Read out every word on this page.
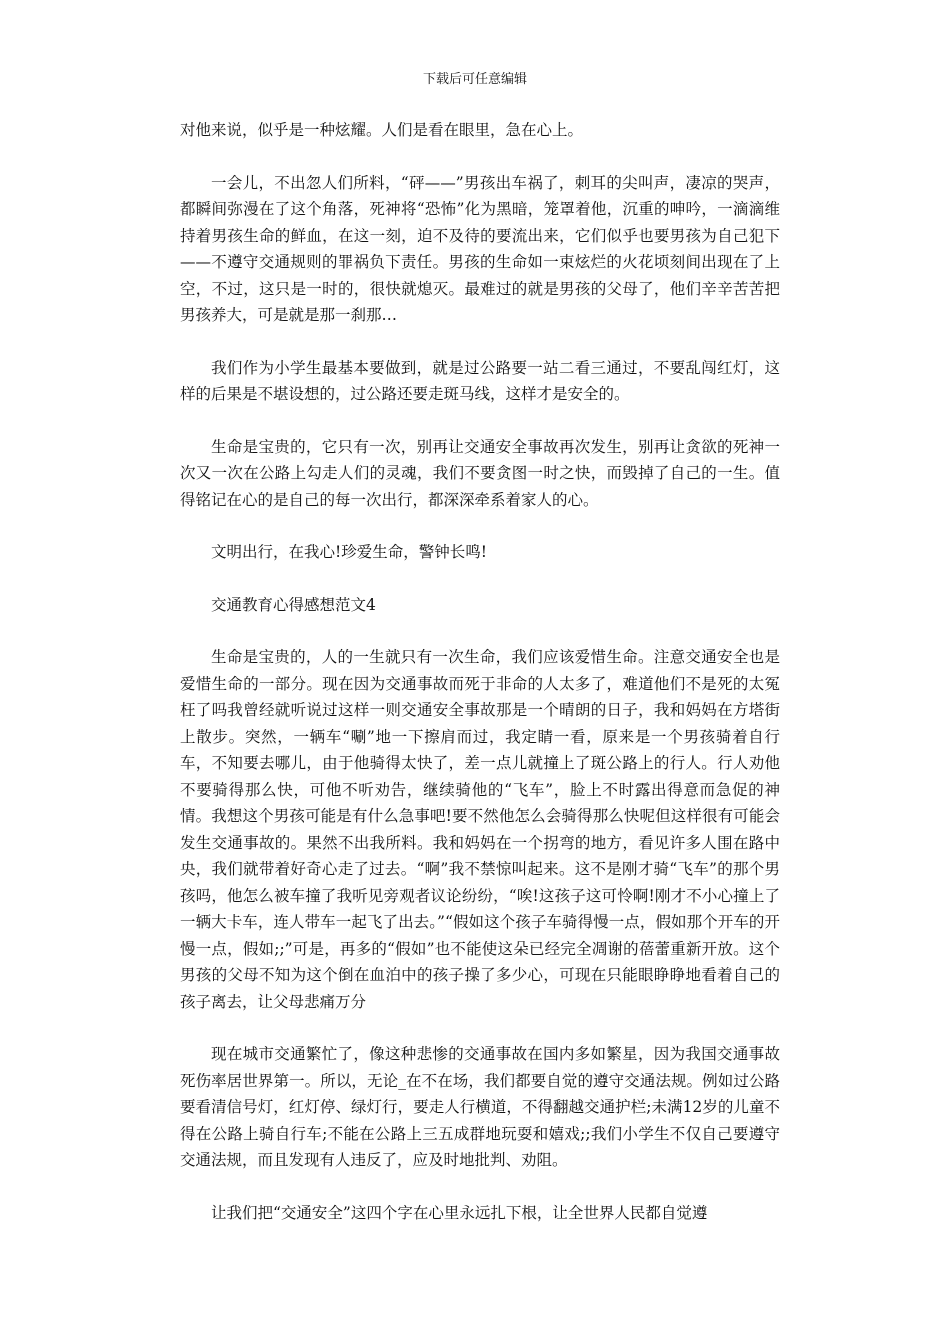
下载后可任意编辑

对他来说，似乎是一种炫耀。人们是看在眼里，急在心上。

一会儿，不出忽人们所料，“砰——”男孩出车祸了，刺耳的尖叫声，凄凉的哭声，都瞬间弥漫在了这个角落，死神将“恐怖”化为黑暗，笼罩着他，沉重的呻吟，一滴滴维持着男孩生命的鲜血，在这一刻，迫不及待的要流出来，它们似乎也要男孩为自己犯下——不遵守交通规则的罪祸负下责任。男孩的生命如一束炫烂的火花顷刻间出现在了上空，不过，这只是一时的，很快就熄灭。最难过的就是男孩的父母了，他们辛辛苦苦把男孩养大，可是就是那一刹那…

我们作为小学生最基本要做到，就是过公路要一站二看三通过，不要乱闯红灯，这样的后果是不堪设想的，过公路还要走斑马线，这样才是安全的。

生命是宝贵的，它只有一次，别再让交通安全事故再次发生，别再让贪欲的死神一次又一次在公路上勾走人们的灵魂，我们不要贪图一时之快，而毁掉了自己的一生。值得铭记在心的是自己的每一次出行，都深深牵系着家人的心。

文明出行，在我心!珍爱生命，警钟长鸣!

交通教育心得感想范文4

生命是宝贵的，人的一生就只有一次生命，我们应该爱惜生命。注意交通安全也是爱惜生命的一部分。现在因为交通事故而死于非命的人太多了，难道他们不是死的太冤枉了吗我曾经就听说过这样一则交通安全事故那是一个晴朗的日子，我和妈妈在方塔街上散步。突然，一辆车“唰”地一下擦肩而过，我定睛一看，原来是一个男孩骑着自行车，不知要去哪儿，由于他骑得太快了，差一点儿就撞上了斑公路上的行人。行人劝他不要骑得那么快，可他不听劝告，继续骑他的“飞车”，脸上不时露出得意而急促的神情。我想这个男孩可能是有什么急事吧!要不然他怎么会骑得那么快呢但这样很有可能会发生交通事故的。果然不出我所料。我和妈妈在一个拐弯的地方，看见许多人围在路中央，我们就带着好奇心走了过去。“啊”我不禁惊叫起来。这不是刚才骑“飞车”的那个男孩吗，他怎么被车撞了我听见旁观者议论纷纷，“唉!这孩子这可怜啊!刚才不小心撞上了一辆大卡车，连人带车一起飞了出去。”“假如这个孩子车骑得慢一点，假如那个开车的开慢一点，假如;;”可是，再多的“假如”也不能使这朵已经完全凋谢的蓓蕾重新开放。这个男孩的父母不知为这个倒在血泊中的孩子操了多少心，可现在只能眼睁睁地看着自己的孩子离去，让父母悲痛万分

现在城市交通繁忙了，像这种悲惨的交通事故在国内多如繁星，因为我国交通事故死伤率居世界第一。所以，无论_在不在场，我们都要自觉的遵守交通法规。例如过公路要看清信号灯，红灯停、绿灯行，要走人行横道，不得翻越交通护栏;未满12岁的儿童不得在公路上骑自行车;不能在公路上三五成群地玩耍和嬉戏;;我们小学生不仅自己要遵守交通法规，而且发现有人违反了，应及时地批判、劝阻。

让我们把“交通安全”这四个字在心里永远扎下根，让全世界人民都自觉遵
